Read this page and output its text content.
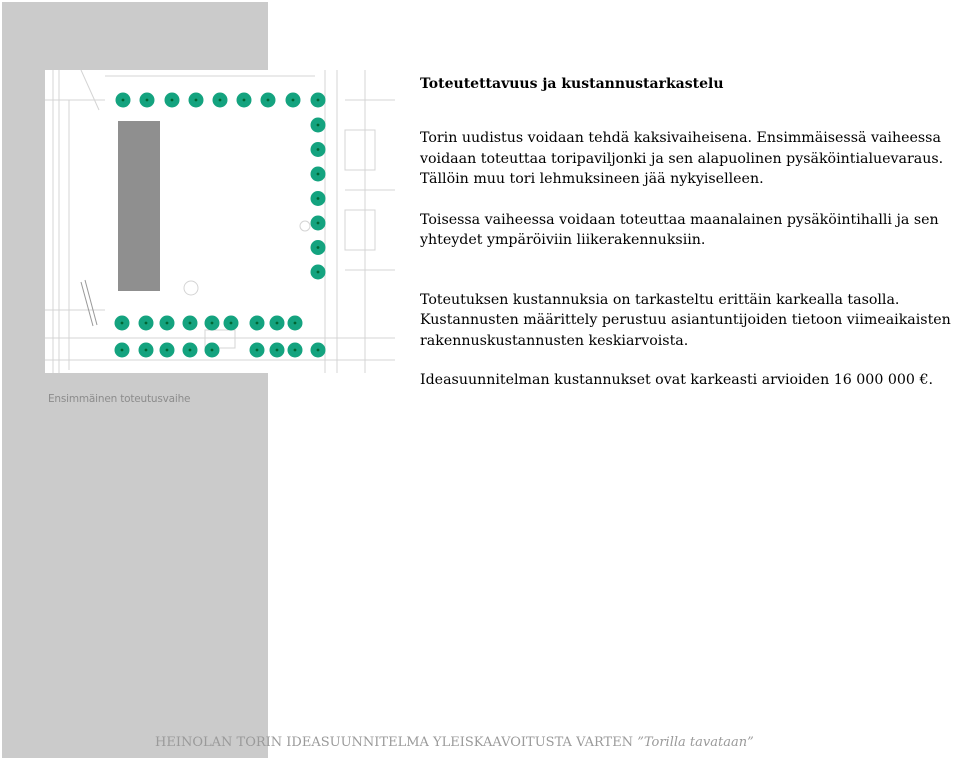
Ensimmäinen toteutusvaihe
Toteutettavuus ja kustannustarkastelu

Torin uudistus voidaan tehdä kaksivaiheisena. Ensimmäisessä vaiheessa voidaan toteuttaa toripaviljonki ja sen alapuolinen pysäköintialuevaraus. Tällöin muu tori lehmuksineen jää nykyiselleen.

Toisessa vaiheessa voidaan toteuttaa maanalainen pysäköintihalli ja sen yhteydet ympäröiviin liikerakennuksiin.

Toteutuksen kustannuksia on tarkasteltu erittäin karkealla tasolla. Kustannusten määrittely perustuu asiantuntijoiden tietoon viimeaikaisten rakennuskustannusten keskiarvoista.

Ideasuunnitelman kustannukset ovat karkeasti arvioiden 16 000 000 €.

HEINOLAN TORIN IDEASUUNNITELMA YLEISKAAVOITUSTA VARTEN ”Torilla tavataan”
